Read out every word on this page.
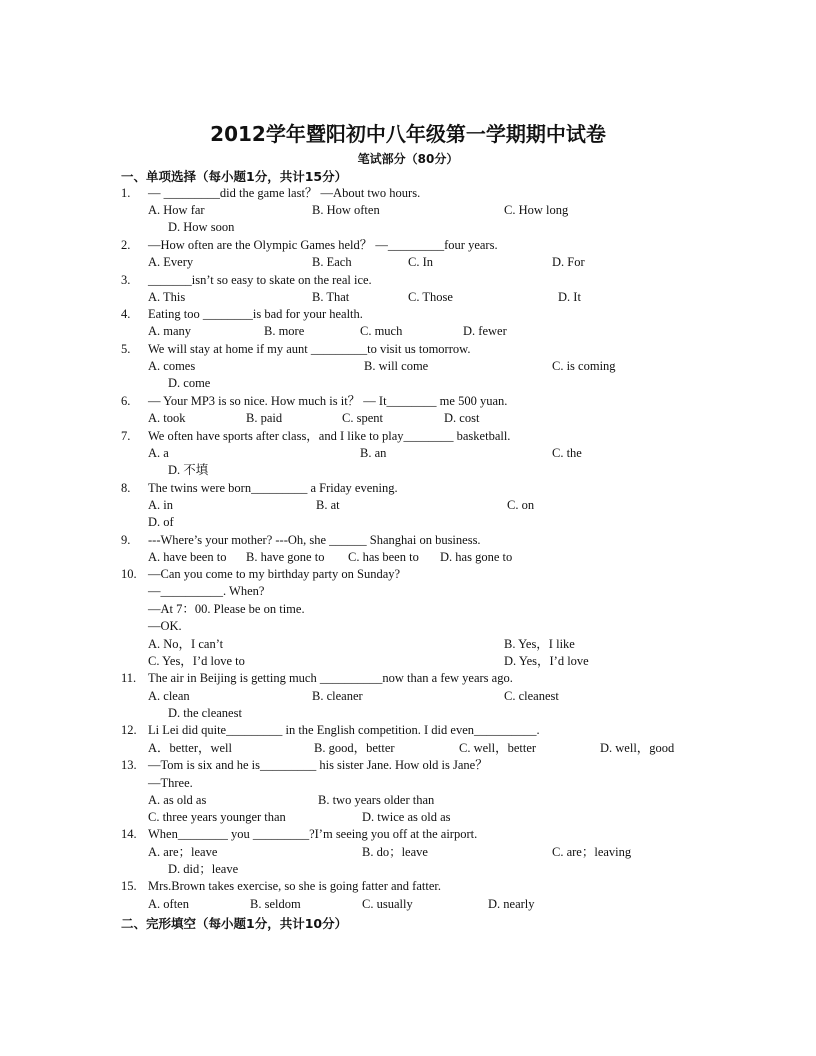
2012学年暨阳初中八年级第一学期期中试卷
笔试部分（80分）
一、单项选择（每小题1分，共计15分）
1. — _________did the game last？ —About two hours.
A. How far	B. How often	C. How long
D. How soon
2. —How often are the Olympic Games held？ —_________four years.
A. Every	B. Each	C. In	D. For
3. _______isn’t so easy to skate on the real ice.
A. This	B. That	C. Those	D. It
4. Eating too ________is bad for your health.
A. many	B. more	C. much	D. fewer
5. We will stay at home if my aunt _________to visit us tomorrow.
A. comes	B. will come	C. is coming
D. come
6. — Your MP3 is so nice. How much is it？ — It________ me 500 yuan.
A. took	B. paid	C. spent	D. cost
7. We often have sports after class，and I like to play________ basketball.
A. a	B. an	C. the
D. 不填
8. The twins were born_________ a Friday evening.
A. in	B. at	C. on
D. of
9. ---Where’s your mother? ---Oh, she ______ Shanghai on business.
A. have been to B. have gone to C. has been to D. has gone to
10. —Can you come to my birthday party on Sunday?
—__________. When?
—At 7：00. Please be on time.
—OK.
A. No，I can’t	B. Yes，I like
C. Yes，I’d love to	D. Yes，I’d love
11. The air in Beijing is getting much __________now than a few years ago.
A. clean	B. cleaner	C. cleanest
D. the cleanest
12. Li Lei did quite_________ in the English competition. I did even__________.
A．better，well	B. good，better	C. well，better	D. well，good
13. —Tom is six and he is_________ his sister Jane. How old is Jane？
—Three.
A. as old as	B. two years older than
C. three years younger than	D. twice as old as
14. When________ you _________?I’m seeing you off at the airport.
A. are；leave	B. do；leave	C. are；leaving
D. did；leave
15. Mrs.Brown takes exercise, so she is going fatter and fatter.
A. often	B. seldom	C. usually	D. nearly
二、完形填空（每小题1分，共计10分）
